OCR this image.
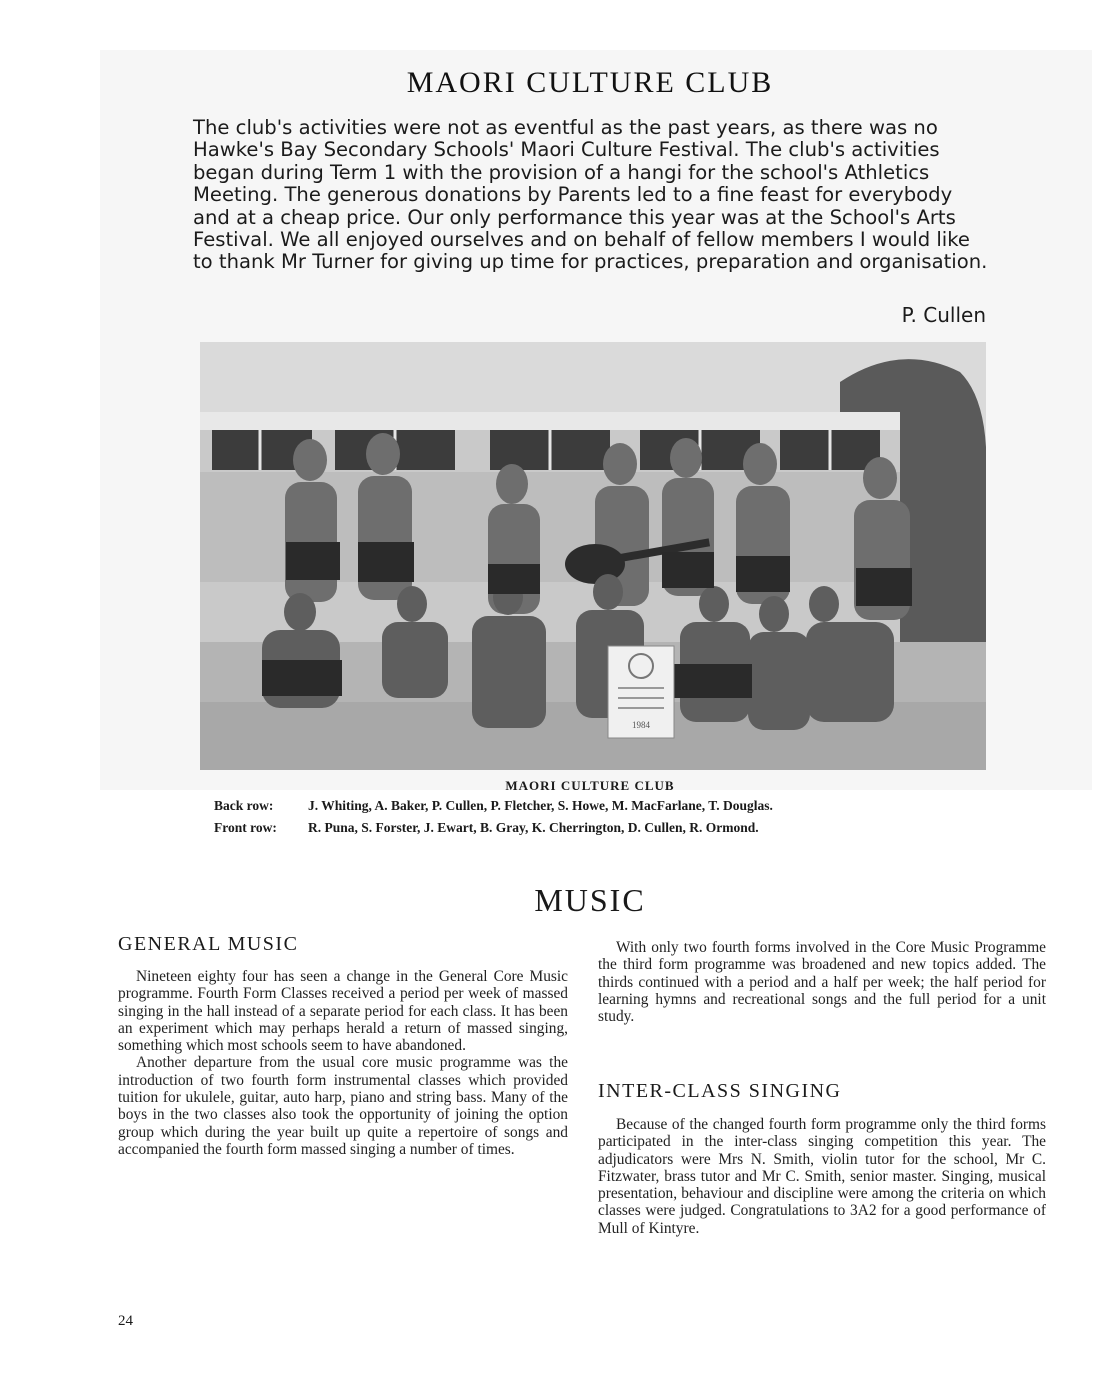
MAORI CULTURE CLUB
The club's activities were not as eventful as the past years, as there was no Hawke's Bay Secondary Schools' Maori Culture Festival. The club's activities began during Term 1 with the provision of a hangi for the school's Athletics Meeting. The generous donations by Parents led to a fine feast for everybody and at a cheap price. Our only performance this year was at the School's Arts Festival. We all enjoyed ourselves and on behalf of fellow members I would like to thank Mr Turner for giving up time for practices, preparation and organisation.
P. Cullen
1984
MAORI CULTURE CLUB
Back row:	J. Whiting, A. Baker, P. Cullen, P. Fletcher, S. Howe, M. MacFarlane, T. Douglas.
Front row: R. Puna, S. Forster, J. Ewart, B. Gray, K. Cherrington, D. Cullen, R. Ormond.
MUSIC
GENERAL MUSIC

Nineteen eighty four has seen a change in the General Core Music programme. Fourth Form Classes received a period per week of massed singing in the hall instead of a separate period for each class. It has been an experiment which may perhaps herald a return of massed singing, something which most schools seem to have abandoned.

Another departure from the usual core music programme was the introduction of two fourth form instrumental classes which provided tuition for ukulele, guitar, auto harp, piano and string bass. Many of the boys in the two classes also took the opportunity of joining the option group which during the year built up quite a repertoire of songs and accompanied the fourth form massed singing a number of times.

With only two fourth forms involved in the Core Music Programme the third form programme was broadened and new topics added. The thirds continued with a period and a half per week; the half period for learning hymns and recreational songs and the full period for a unit study.

INTER-CLASS SINGING

Because of the changed fourth form programme only the third forms participated in the inter-class singing competition this year. The adjudicators were Mrs N. Smith, violin tutor for the school, Mr C. Fitzwater, brass tutor and Mr C. Smith, senior master. Singing, musical presentation, behaviour and discipline were among the criteria on which classes were judged. Congratulations to 3A2 for a good performance of Mull of Kintyre.

24
